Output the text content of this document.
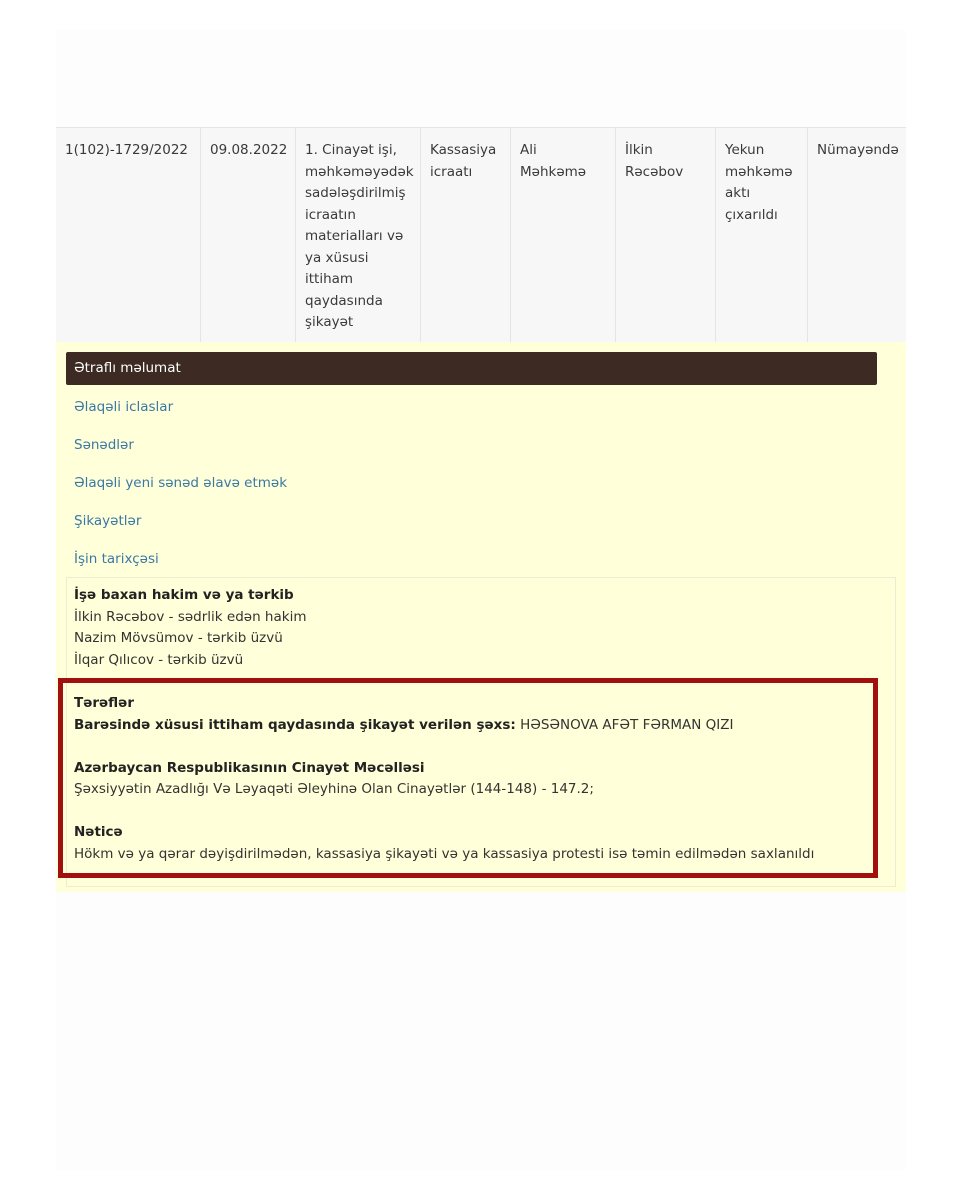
1(102)-1729/2022	09.08.2022	1. Cinayət işi,
məhkəməyədək
sadələşdirilmiş
icraatın
materialları və
ya xüsusi
ittiham
qaydasında
şikayət
Kassasiya
icraatı
Ali Məhkəmə
İlkin
Rəcəbov
Yekun
məhkəmə
aktı
çıxarıldı
Nümayəndə
Ətraflı məlumat
Əlaqəli iclaslar
Sənədlər
Əlaqəli yeni sənəd əlavə etmək
Şikayətlər
İşin tarixçəsi
İşə baxan hakim və ya tərkib
İlkin Rəcəbov - sədrlik edən hakim
Nazim Mövsümov - tərkib üzvü
İlqar Qılıcov - tərkib üzvü
Tərəflər
Barəsində xüsusi ittiham qaydasında şikayət verilən şəxs: HƏSƏNOVA AFƏT FƏRMAN QIZI
Azərbaycan Respublikasının Cinayət Məcəlləsi
Şəxsiyyətin Azadlığı Və Ləyaqəti Əleyhinə Olan Cinayətlər (144-148) - 147.2;
Nəticə
Hökm və ya qərar dəyişdirilmədən, kassasiya şikayəti və ya kassasiya protesti isə təmin edilmədən saxlanıldı
